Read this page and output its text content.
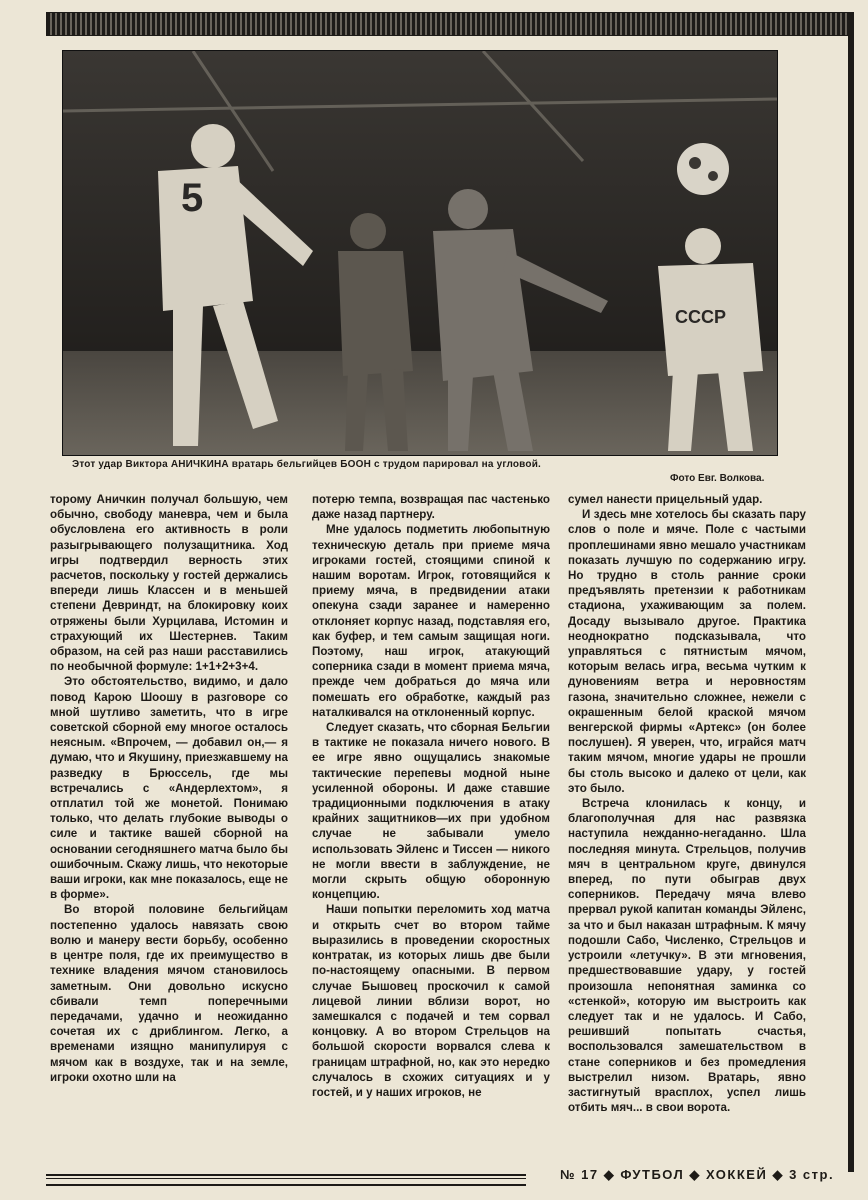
5
СССР
Этот удар Виктора АНИЧКИНА вратарь бельгийцев БООН с трудом парировал на угловой.
Фото Евг. Волкова.

торому Аничкин получал большую, чем обычно, свободу маневра, чем и была обусловлена его активность в роли разыгрывающего полузащитника. Ход игры подтвердил верность этих расчетов, поскольку у гостей держались впереди лишь Классен и в меньшей степени Девриндт, на блокировку коих отряжены были Хурцилава, Истомин и страхующий их Шестернев. Таким образом, на сей раз наши расставились по необычной формуле: 1+1+2+3+4.

Это обстоятельство, видимо, и дало повод Карою Шоошу в разговоре со мной шутливо заметить, что в игре советской сборной ему многое осталось неясным. «Впрочем, — добавил он,— я думаю, что и Якушину, приезжавшему на разведку в Брюссель, где мы встречались с «Андерлехтом», я отплатил той же монетой. Понимаю только, что делать глубокие выводы о силе и тактике вашей сборной на основании сегодняшнего матча было бы ошибочным. Скажу лишь, что некоторые ваши игроки, как мне показалось, еще не в форме».

Во второй половине бельгийцам постепенно удалось навязать свою волю и манеру вести борьбу, особенно в центре поля, где их преимущество в технике владения мячом становилось заметным. Они довольно искусно сбивали темп поперечными передачами, удачно и неожиданно сочетая их с дриблингом. Легко, а временами изящно манипулируя с мячом как в воздухе, так и на земле, игроки охотно шли на

потерю темпа, возвращая пас частенько даже назад партнеру.

Мне удалось подметить любопытную техническую деталь при приеме мяча игроками гостей, стоящими спиной к нашим воротам. Игрок, готовящийся к приему мяча, в предвидении атаки опекуна сзади заранее и намеренно отклоняет корпус назад, подставляя его, как буфер, и тем самым защищая ноги. Поэтому, наш игрок, атакующий соперника сзади в момент приема мяча, прежде чем добраться до мяча или помешать его обработке, каждый раз наталкивался на отклоненный корпус.

Следует сказать, что сборная Бельгии в тактике не показала ничего нового. В ее игре явно ощущались знакомые тактические перепевы модной ныне усиленной обороны. И даже ставшие традиционными подключения в атаку крайних защитников—их при удобном случае не забывали умело использовать Эйленс и Тиссен — никого не могли ввести в заблуждение, не могли скрыть общую оборонную концепцию.

Наши попытки переломить ход матча и открыть счет во втором тайме выразились в проведении скоростных контратак, из которых лишь две были по-настоящему опасными. В первом случае Бышовец проскочил к самой лицевой линии вблизи ворот, но замешкался с подачей и тем сорвал концовку. А во втором Стрельцов на большой скорости ворвался слева к границам штрафной, но, как это нередко случалось в схожих ситуациях и у гостей, и у наших игроков, не

сумел нанести прицельный удар.

И здесь мне хотелось бы сказать пару слов о поле и мяче. Поле с частыми проплешинами явно мешало участникам показать лучшую по содержанию игру. Но трудно в столь ранние сроки предъявлять претензии к работникам стадиона, ухаживающим за полем. Досаду вызывало другое. Практика неоднократно подсказывала, что управляться с пятнистым мячом, которым велась игра, весьма чутким к дуновениям ветра и неровностям газона, значительно сложнее, нежели с окрашенным белой краской мячом венгерской фирмы «Артекс» (он более послушен). Я уверен, что, играйся матч таким мячом, многие удары не прошли бы столь высоко и далеко от цели, как это было.

Встреча клонилась к концу, и благополучная для нас развязка наступила нежданно-негаданно. Шла последняя минута. Стрельцов, получив мяч в центральном круге, двинулся вперед, по пути обыграв двух соперников. Передачу мяча влево прервал рукой капитан команды Эйленс, за что и был наказан штрафным. К мячу подошли Сабо, Численко, Стрельцов и устроили «летучку». В эти мгновения, предшествовавшие удару, у гостей произошла непонятная заминка со «стенкой», которую им выстроить как следует так и не удалось. И Сабо, решивший попытать счастья, воспользовался замешательством в стане соперников и без промедления выстрелил низом. Вратарь, явно застигнутый врасплох, успел лишь отбить мяч... в свои ворота.

№ 17 ◆ ФУТБОЛ ◆ ХОККЕЙ ◆ 3 стр.
